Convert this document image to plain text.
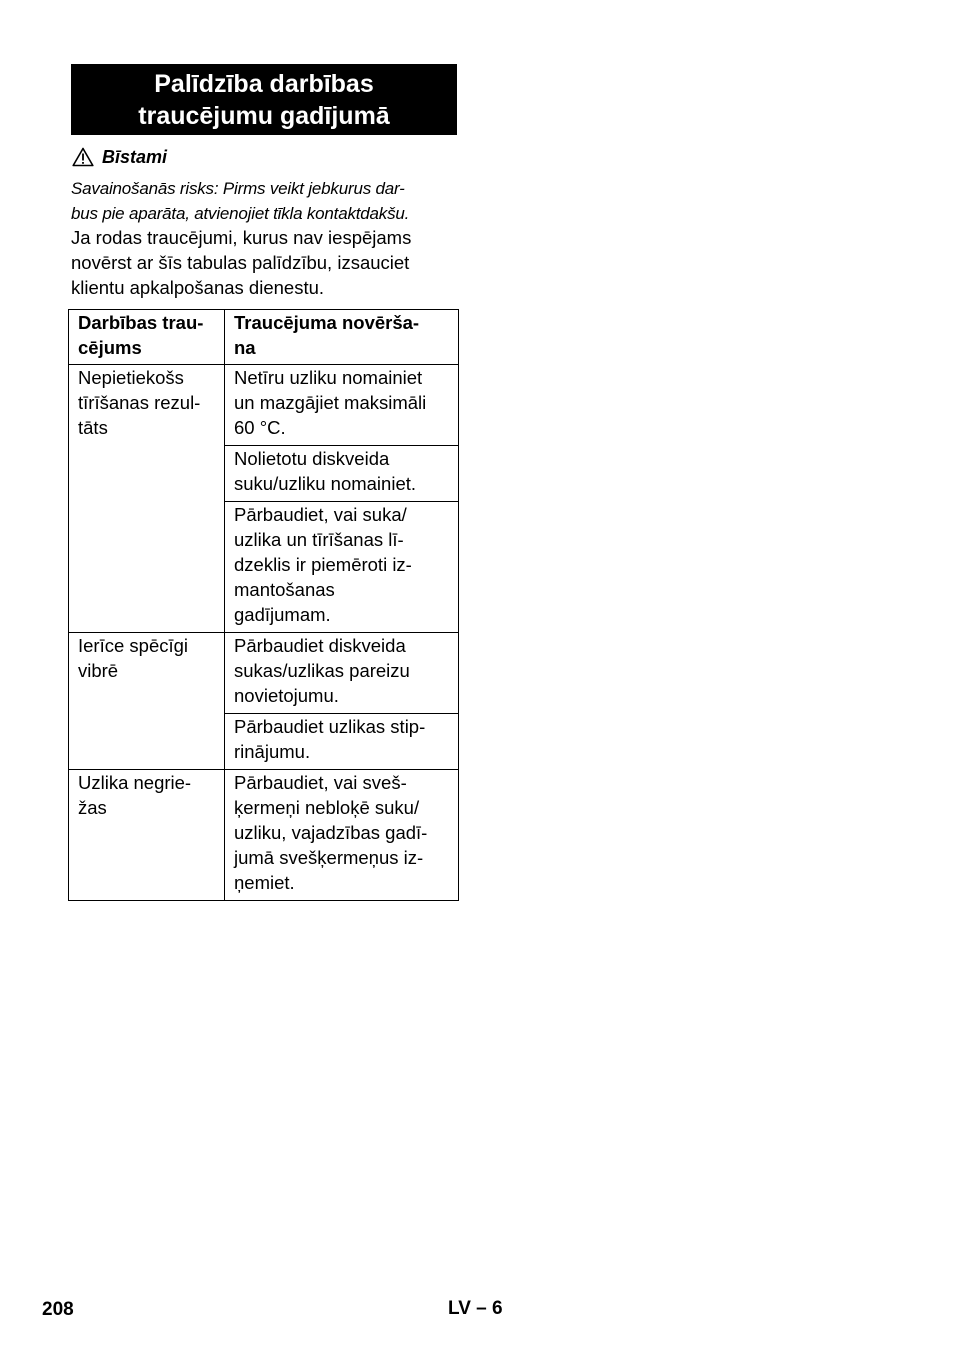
Palīdzība darbības
traucējumu gadījumā
Bīstami
Savainošanās risks: Pirms veikt jebkurus dar-
bus pie aparāta, atvienojiet tīkla kontaktdakšu.
Ja rodas traucējumi, kurus nav iespējams
novērst ar šīs tabulas palīdzību, izsauciet
klientu apkalpošanas dienestu.
Darbības trau-
cējums	Traucējuma novērša-
na

Nepietiekošs
tīrīšanas rezul-
tāts	Netīru uzliku nomainiet
un mazgājiet maksimāli
60 °C.

	Nolietotu diskveida
suku/uzliku nomainiet.

	Pārbaudiet, vai suka/
uzlika un tīrīšanas lī-
dzeklis ir piemēroti iz-
mantošanas
gadījumam.

Ierīce spēcīgi
vibrē	Pārbaudiet diskveida
sukas/uzlikas pareizu
novietojumu.

	Pārbaudiet uzlikas stip-
rinājumu.

Uzlika negrie-
žas	Pārbaudiet, vai sveš-
ķermeņi nebloķē suku/
uzliku, vajadzības gadī-
jumā svešķermeņus iz-
ņemiet.
208	LV – 6
